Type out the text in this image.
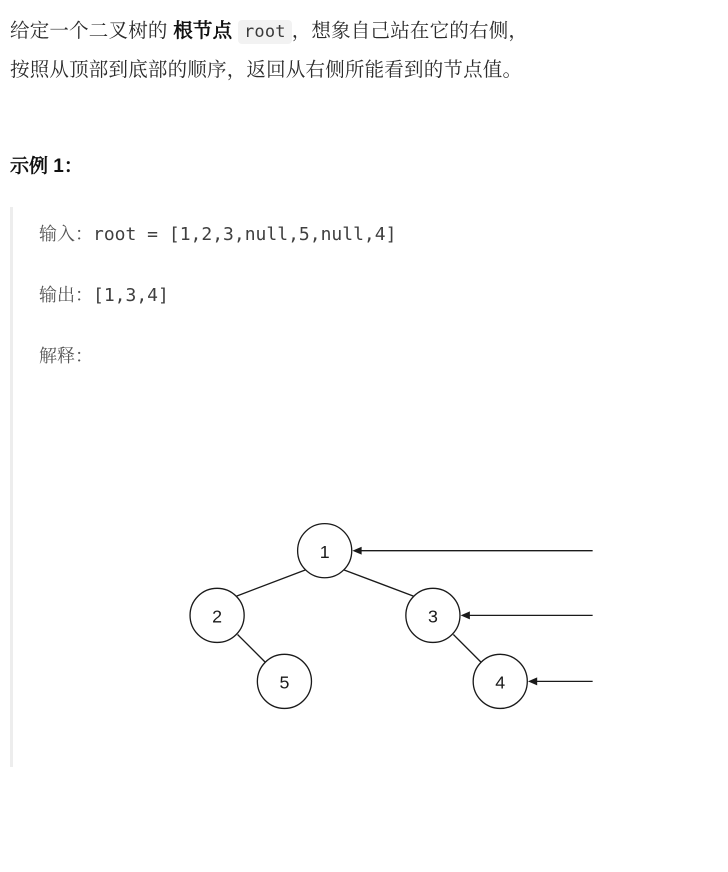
给定一个二叉树的 根节点 root ，想象自己站在它的右侧，
按照从顶部到底部的顺序，返回从右侧所能看到的节点值。

示例 1：

输入：root = [1,2,3,null,5,null,4]

输出：[1,3,4]

解释：

1
2	3
5	4
